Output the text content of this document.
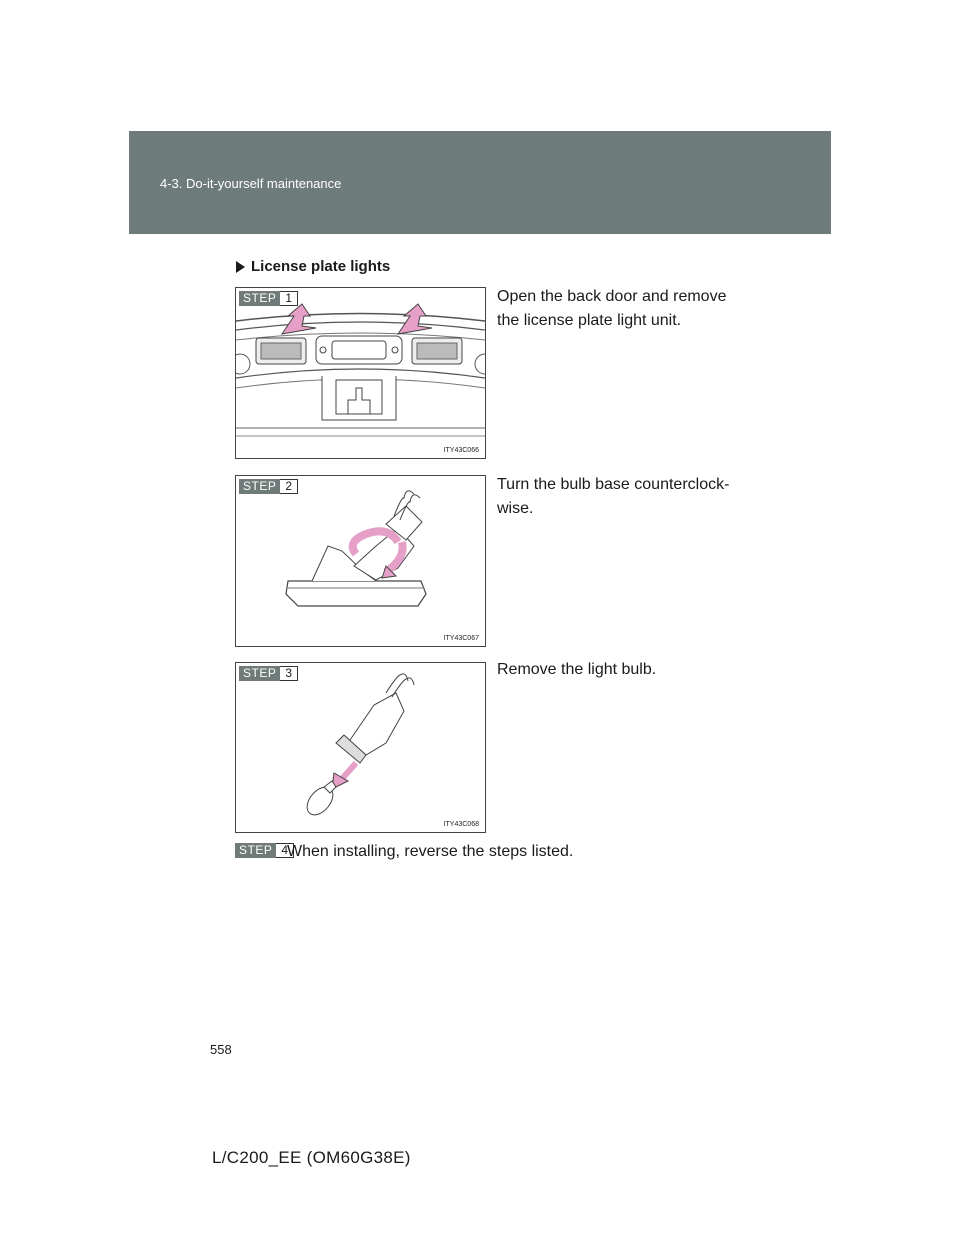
4-3. Do-it-yourself maintenance
License plate lights
STEP 1
ITY43C066
Open the back door and remove the license plate light unit.
STEP 2
ITY43C067
Turn the bulb base counterclock-wise.
STEP 3
ITY43C068
Remove the light bulb.
STEP 4
When installing, reverse the steps listed.
558
L/C200_EE (OM60G38E)
